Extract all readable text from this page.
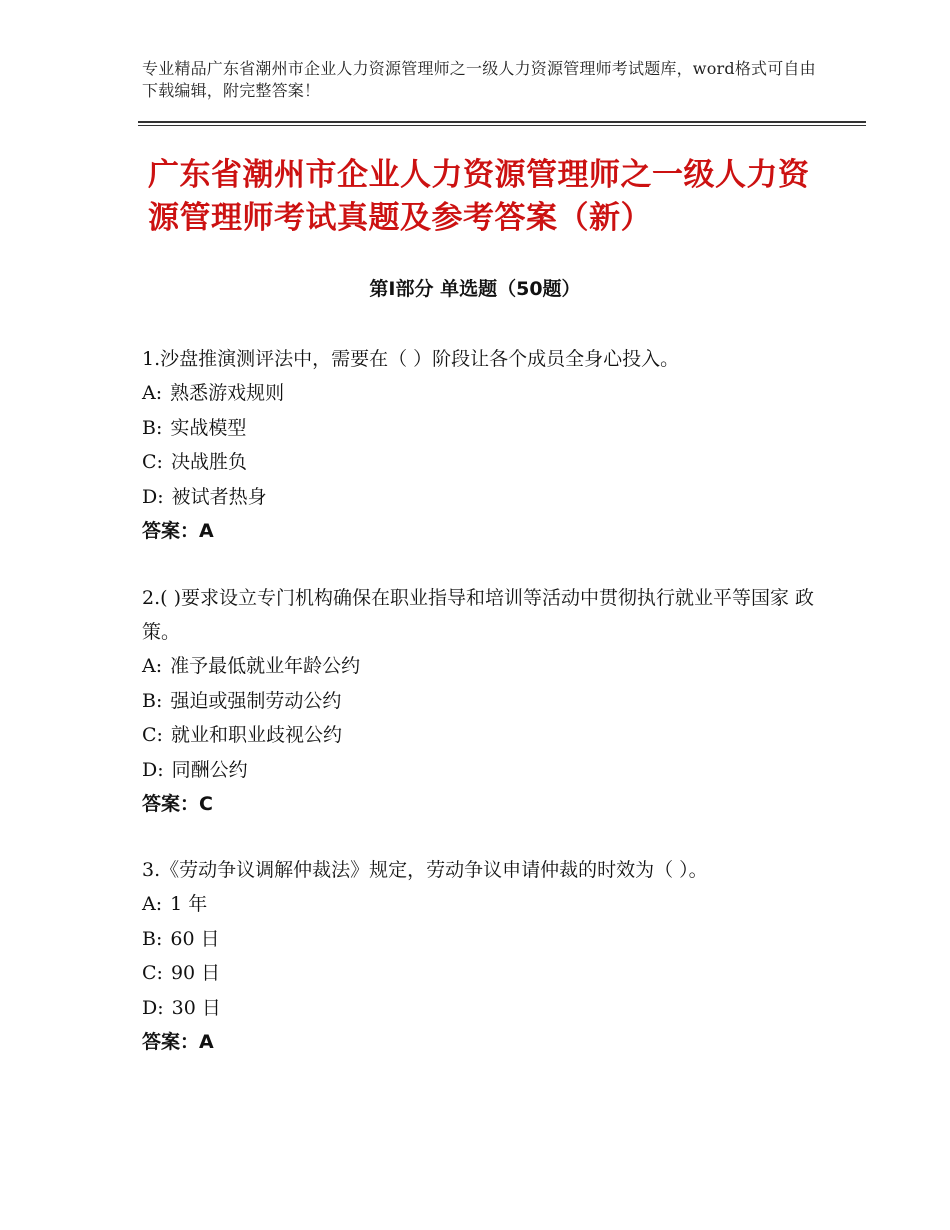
专业精品广东省潮州市企业人力资源管理师之一级人力资源管理师考试题库，word格式可自由下载编辑，附完整答案！
广东省潮州市企业人力资源管理师之一级人力资源管理师考试真题及参考答案（新）
第Ⅰ部分 单选题（50题）
1.沙盘推演测评法中，需要在（ ）阶段让各个成员全身心投入。
A: 熟悉游戏规则
B: 实战模型
C: 决战胜负
D: 被试者热身
答案：A
2.( )要求设立专门机构确保在职业指导和培训等活动中贯彻执行就业平等国家 政策。
A: 准予最低就业年龄公约
B: 强迫或强制劳动公约
C: 就业和职业歧视公约
D: 同酬公约
答案：C
3.《劳动争议调解仲裁法》规定，劳动争议申请仲裁的时效为（ ）。
A: 1 年
B: 60 日
C: 90 日
D: 30 日
答案：A
